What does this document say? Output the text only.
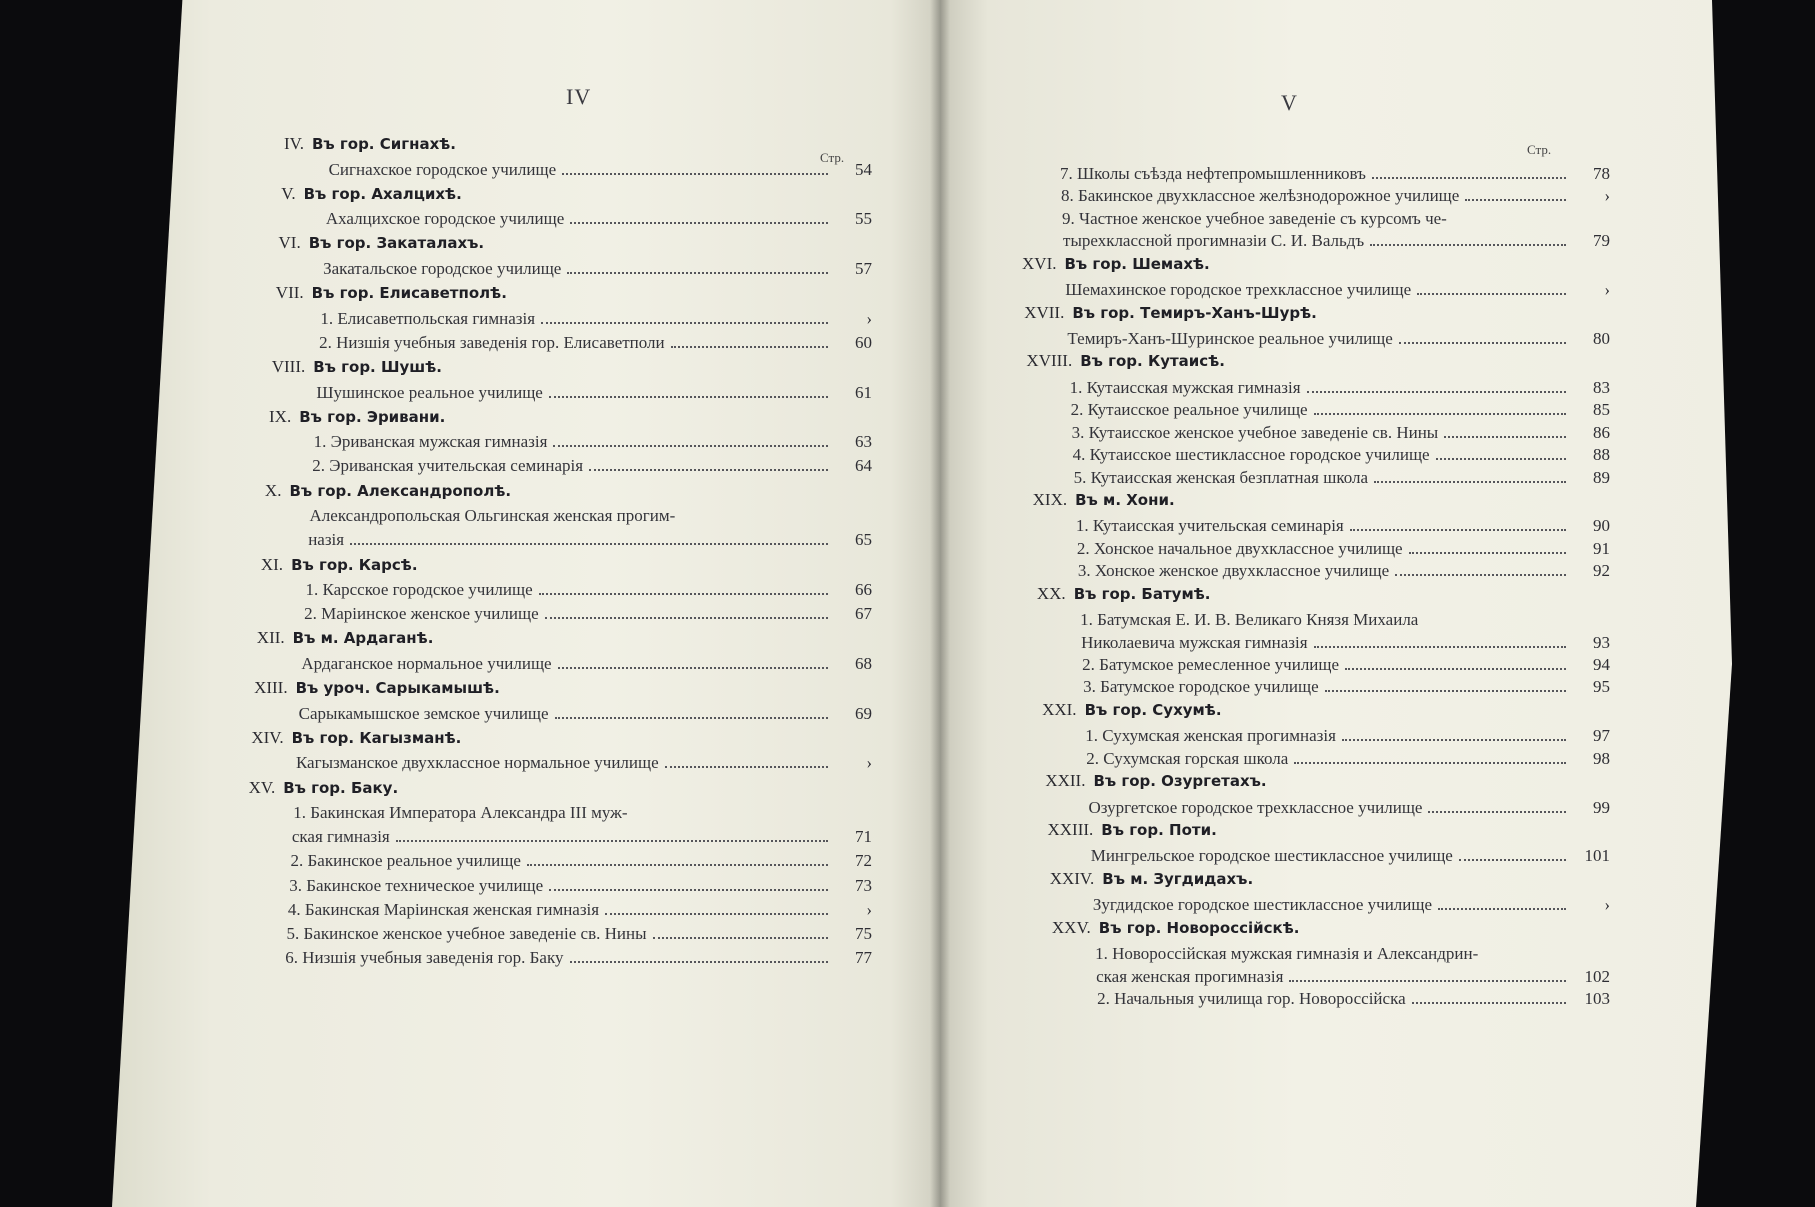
IV
Стр.
V
Стр.
IV. Въ гор. Сигнахѣ.
Сигнахское городское училище	54
V. Въ гор. Ахалцихѣ.
Ахалцихское городское училище	55
VI. Въ гор. Закаталахъ.
Закатальское городское училище	57
VII. Въ гор. Елисаветполѣ.
1. Елисаветпольская гимназія	›
2. Низшія учебныя заведенія гор. Елисаветполи	60
VIII. Въ гор. Шушѣ.
Шушинское реальное училище	61
IX. Въ гор. Эривани.
1. Эриванская мужская гимназія	63
2. Эриванская учительская семинарія	64
X. Въ гор. Александрополѣ.
Александропольская Ольгинская женская прогим-
назія	65
XI. Въ гор. Карсѣ.
1. Карсское городское училище	66
2. Маріинское женское училище	67
XII. Въ м. Ардаганѣ.
Ардаганское нормальное училище	68
XIII. Въ уроч. Сарыкамышѣ.
Сарыкамышское земское училище	69
XIV. Въ гор. Кагызманѣ.
Кагызманское двухклассное нормальное училище	›
XV. Въ гор. Баку.
1. Бакинская Императора Александра III муж-
ская гимназія	71
2. Бакинское реальное училище	72
3. Бакинское техническое училище	73
4. Бакинская Маріинская женская гимназія	›
5. Бакинское женское учебное заведеніе св. Нины	75
6. Низшія учебныя заведенія гор. Баку	77
7. Школы съѣзда нефтепромышленниковъ	78
8. Бакинское двухклассное желѣзнодорожное училище	›
9. Частное женское учебное заведеніе съ курсомъ че-
тырехклассной прогимназіи С. И. Вальдъ	79
XVI. Въ гор. Шемахѣ.
Шемахинское городское трехклассное училище	›
XVII. Въ гор. Темиръ-Ханъ-Шурѣ.
Темиръ-Ханъ-Шуринское реальное училище	80
XVIII. Въ гор. Кутаисѣ.
1. Кутаисская мужская гимназія	83
2. Кутаисское реальное училище	85
3. Кутаисское женское учебное заведеніе св. Нины	86
4. Кутаисское шестиклассное городское училище	88
5. Кутаисская женская безплатная школа	89
XIX. Въ м. Хони.
1. Кутаисская учительская семинарія	90
2. Хонское начальное двухклассное училище	91
3. Хонское женское двухклассное училище	92
XX. Въ гор. Батумѣ.
1. Батумская Е. И. В. Великаго Князя Михаила
Николаевича мужская гимназія	93
2. Батумское ремесленное училище	94
3. Батумское городское училище	95
XXI. Въ гор. Сухумѣ.
1. Сухумская женская прогимназія	97
2. Сухумская горская школа	98
XXII. Въ гор. Озургетахъ.
Озургетское городское трехклассное училище	99
XXIII. Въ гор. Поти.
Мингрельское городское шестиклассное училище	101
XXIV. Въ м. Зугдидахъ.
Зугдидское городское шестиклассное училище	›
XXV. Въ гор. Новороссійскѣ.
1. Новороссійская мужская гимназія и Александрин-
ская женская прогимназія	102
2. Начальныя училища гор. Новороссійска	103
